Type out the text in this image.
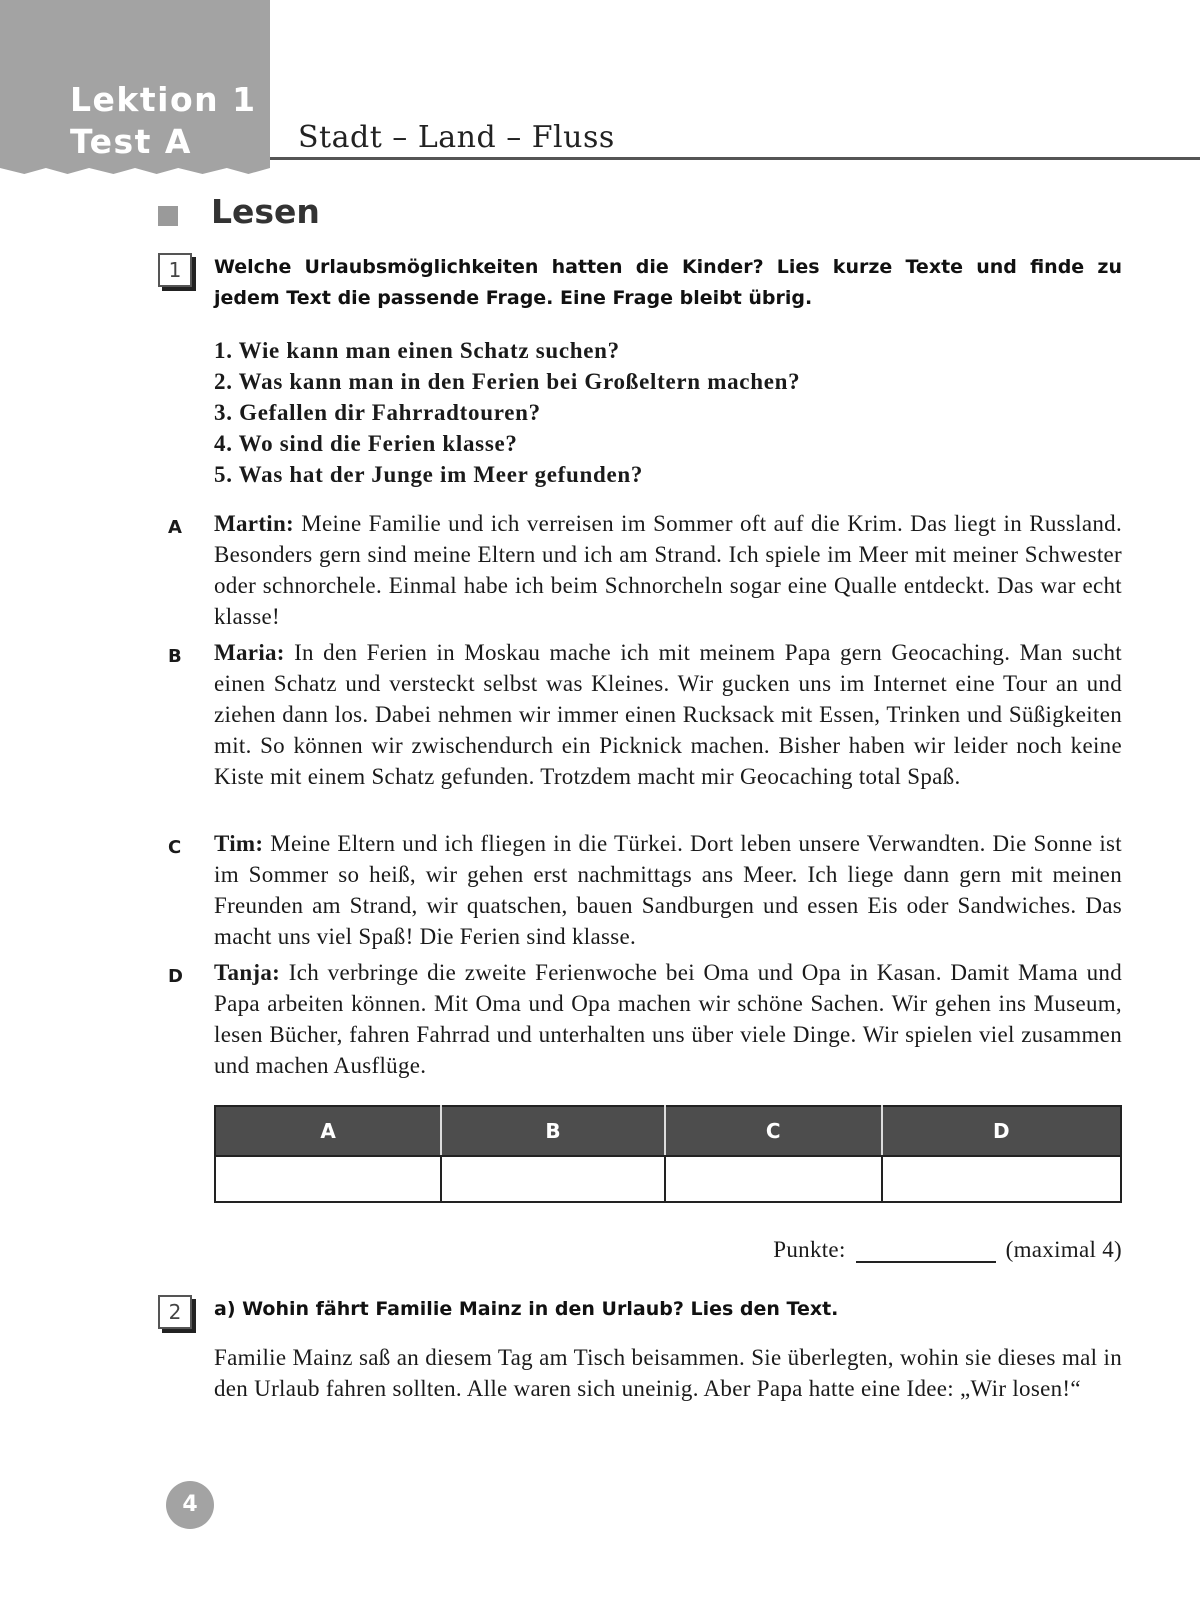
Lektion 1
Test A	Stadt – Land – Fluss
Lesen
1	Welche Urlaubsmöglichkeiten hatten die Kinder? Lies kurze Texte und finde zu jedem Text die passende Frage. Eine Frage bleibt übrig.
1. Wie kann man einen Schatz suchen?
2. Was kann man in den Ferien bei Großeltern machen?
3. Gefallen dir Fahrradtouren?
4. Wo sind die Ferien klasse?
5. Was hat der Junge im Meer gefunden?
A Martin: Meine Familie und ich verreisen im Sommer oft auf die Krim. Das liegt in Russland. Besonders gern sind meine Eltern und ich am Strand. Ich spiele im Meer mit meiner Schwester oder schnorchele. Einmal habe ich beim Schnorcheln sogar eine Qualle entdeckt. Das war echt klasse!
B Maria: In den Ferien in Moskau mache ich mit meinem Papa gern Geocaching. Man sucht einen Schatz und versteckt selbst was Kleines. Wir gucken uns im Internet eine Tour an und ziehen dann los. Dabei nehmen wir immer einen Rucksack mit Essen, Trinken und Süßigkeiten mit. So können wir zwischendurch ein Picknick machen. Bisher haben wir leider noch keine Kiste mit einem Schatz gefunden. Trotzdem macht mir Geocaching total Spaß.
C Tim: Meine Eltern und ich fliegen in die Türkei. Dort leben unsere Verwandten. Die Sonne ist im Sommer so heiß, wir gehen erst nachmittags ans Meer. Ich liege dann gern mit meinen Freunden am Strand, wir quatschen, bauen Sandburgen und essen Eis oder Sandwiches. Das macht uns viel Spaß! Die Ferien sind klasse.
D Tanja: Ich verbringe die zweite Ferienwoche bei Oma und Opa in Kasan. Damit Mama und Papa arbeiten können. Mit Oma und Opa machen wir schöne Sachen. Wir gehen ins Museum, lesen Bücher, fahren Fahrrad und unterhalten uns über viele Dinge. Wir spielen viel zusammen und machen Ausflüge.
A	B	C	D

Punkte:	(maximal 4)
2	a) Wohin fährt Familie Mainz in den Urlaub? Lies den Text.
Familie Mainz saß an diesem Tag am Tisch beisammen. Sie überlegten, wohin sie dieses mal in den Urlaub fahren sollten. Alle waren sich uneinig. Aber Papa hatte eine Idee: „Wir losen!“
4
